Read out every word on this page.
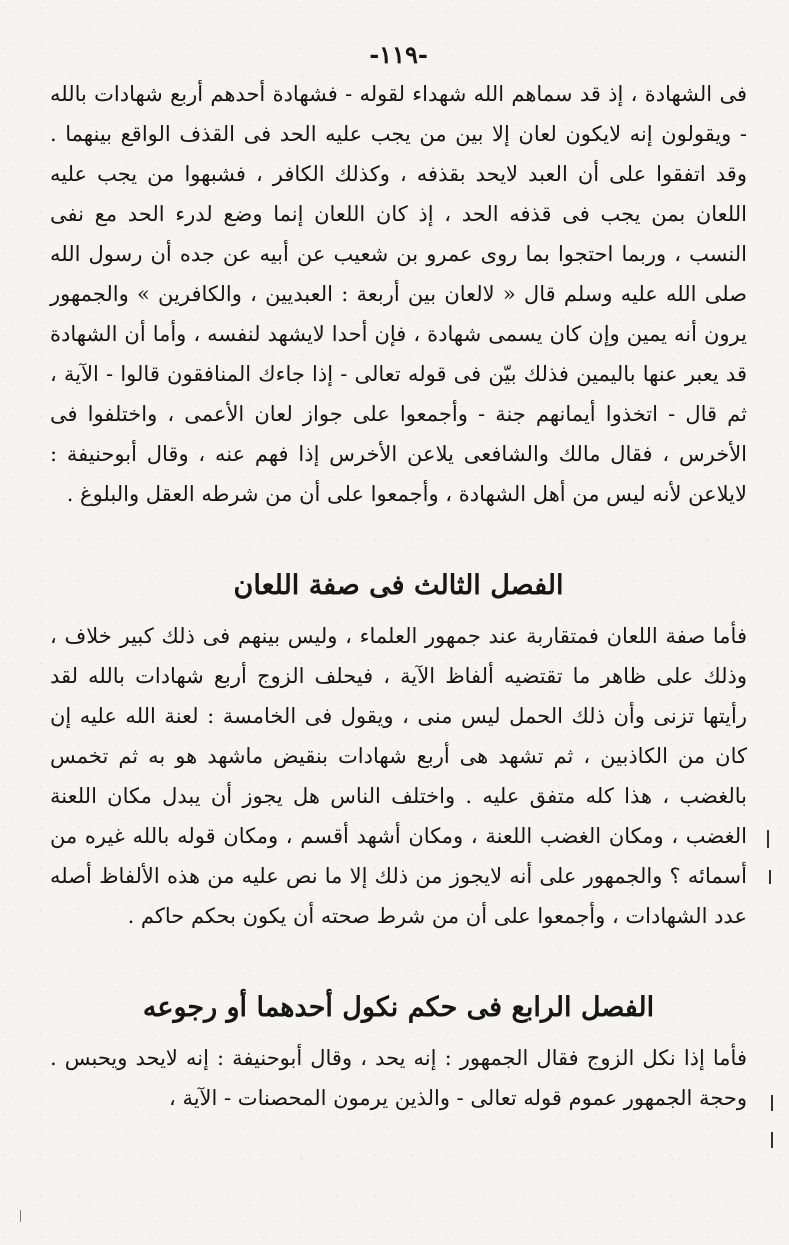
-١١٩-

فى الشهادة ، إذ قد سماهم الله شهداء لقوله - فشهادة أحدهم أربع شهادات بالله - ويقولون إنه لايكون لعان إلا بين من يجب عليه الحد فى القذف الواقع بينهما . وقد اتفقوا على أن العبد لايحد بقذفه ، وكذلك الكافر ، فشبهوا من يجب عليه اللعان بمن يجب فى قذفه الحد ، إذ كان اللعان إنما وضع لدرء الحد مع نفى النسب ، وربما احتجوا بما روى عمرو بن شعيب عن أبيه عن جده أن رسول الله صلى الله عليه وسلم قال « لالعان بين أربعة : العبديين ، والكافرين » والجمهور يرون أنه يمين وإن كان يسمى شهادة ، فإن أحدا لايشهد لنفسه ، وأما أن الشهادة قد يعبر عنها باليمين فذلك بيّن فى قوله تعالى - إذا جاءك المنافقون قالوا - الآية ، ثم قال - اتخذوا أيمانهم جنة - وأجمعوا على جواز لعان الأعمى ، واختلفوا فى الأخرس ، فقال مالك والشافعى يلاعن الأخرس إذا فهم عنه ، وقال أبوحنيفة : لايلاعن لأنه ليس من أهل الشهادة ، وأجمعوا على أن من شرطه العقل والبلوغ .

الفصل الثالث فى صفة اللعان

فأما صفة اللعان فمتقاربة عند جمهور العلماء ، وليس بينهم فى ذلك كبير خلاف ، وذلك على ظاهر ما تقتضيه ألفاظ الآية ، فيحلف الزوج أربع شهادات بالله لقد رأيتها تزنى وأن ذلك الحمل ليس منى ، ويقول فى الخامسة : لعنة الله عليه إن كان من الكاذبين ، ثم تشهد هى أربع شهادات بنقيض ماشهد هو به ثم تخمس بالغضب ، هذا كله متفق عليه . واختلف الناس هل يجوز أن يبدل مكان اللعنة الغضب ، ومكان الغضب اللعنة ، ومكان أشهد أقسم ، ومكان قوله بالله غيره من أسمائه ؟ والجمهور على أنه لايجوز من ذلك إلا ما نص عليه من هذه الألفاظ أصله عدد الشهادات ، وأجمعوا على أن من شرط صحته أن يكون بحكم حاكم .

الفصل الرابع فى حكم نكول أحدهما أو رجوعه

فأما إذا نكل الزوج فقال الجمهور : إنه يحد ، وقال أبوحنيفة : إنه لايحد ويحبس . وحجة الجمهور عموم قوله تعالى - والذين يرمون المحصنات - الآية ،
